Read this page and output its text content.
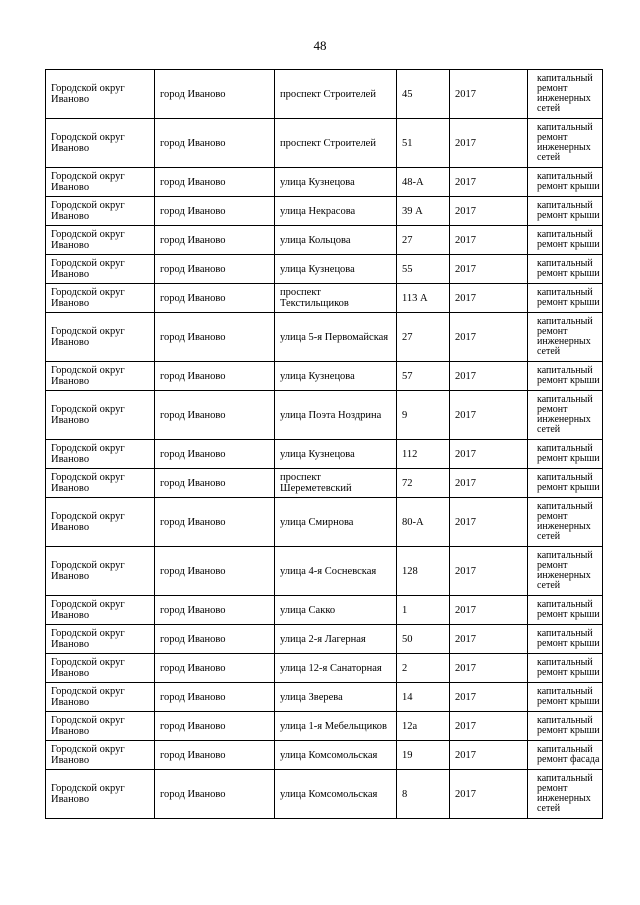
48
Городской округ Иваново	город Иваново	проспект Строителей	45	2017	капитальный ремонт инженерных сетей
Городской округ Иваново	город Иваново	проспект Строителей	51	2017	капитальный ремонт инженерных сетей
Городской округ Иваново	город Иваново	улица Кузнецова	48-А	2017	капитальный ремонт крыши
Городской округ Иваново	город Иваново	улица Некрасова	39 А	2017	капитальный ремонт крыши
Городской округ Иваново	город Иваново	улица Кольцова	27	2017	капитальный ремонт крыши
Городской округ Иваново	город Иваново	улица Кузнецова	55	2017	капитальный ремонт крыши
Городской округ Иваново	город Иваново	проспект Текстильщиков	113 А	2017	капитальный ремонт крыши
Городской округ Иваново	город Иваново	улица 5-я Первомайская	27	2017	капитальный ремонт инженерных сетей
Городской округ Иваново	город Иваново	улица Кузнецова	57	2017	капитальный ремонт крыши
Городской округ Иваново	город Иваново	улица Поэта Ноздрина	9	2017	капитальный ремонт инженерных сетей
Городской округ Иваново	город Иваново	улица Кузнецова	112	2017	капитальный ремонт крыши
Городской округ Иваново	город Иваново	проспект Шереметевский	72	2017	капитальный ремонт крыши
Городской округ Иваново	город Иваново	улица Смирнова	80-А	2017	капитальный ремонт инженерных сетей
Городской округ Иваново	город Иваново	улица 4-я Сосневская	128	2017	капитальный ремонт инженерных сетей
Городской округ Иваново	город Иваново	улица Сакко	1	2017	капитальный ремонт крыши
Городской округ Иваново	город Иваново	улица 2-я Лагерная	50	2017	капитальный ремонт крыши
Городской округ Иваново	город Иваново	улица 12-я Санаторная	2	2017	капитальный ремонт крыши
Городской округ Иваново	город Иваново	улица Зверева	14	2017	капитальный ремонт крыши
Городской округ Иваново	город Иваново	улица 1-я Мебельщиков	12а	2017	капитальный ремонт крыши
Городской округ Иваново	город Иваново	улица Комсомольская	19	2017	капитальный ремонт фасада
Городской округ Иваново	город Иваново	улица Комсомольская	8	2017	капитальный ремонт инженерных сетей
